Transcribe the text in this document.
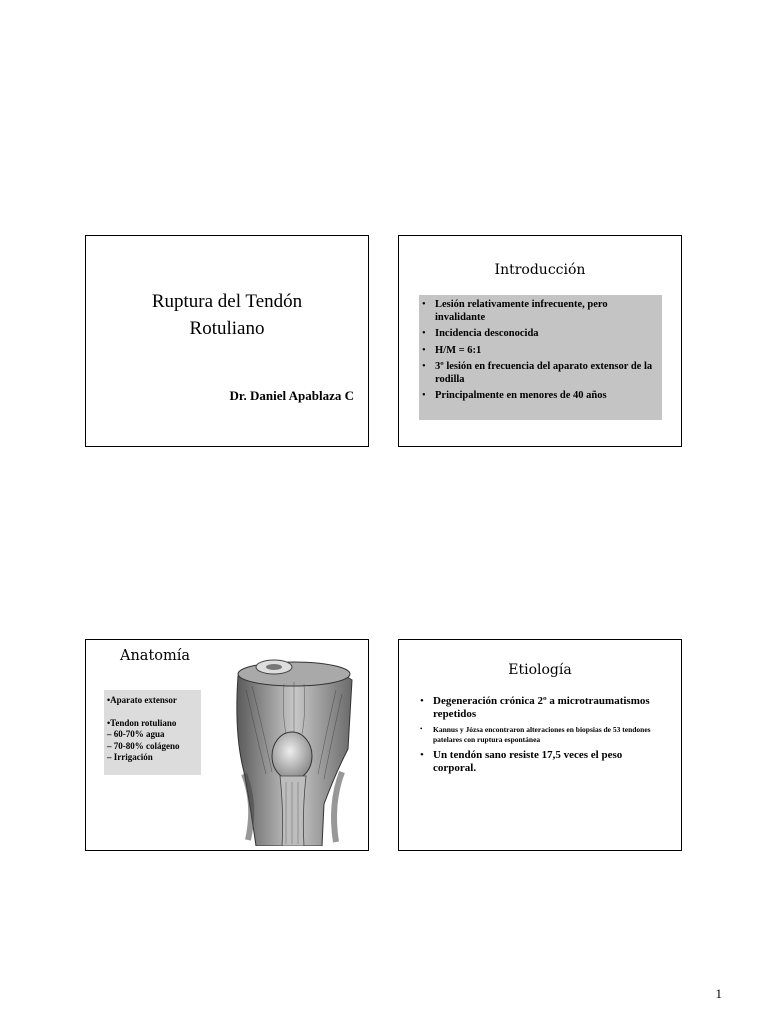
Ruptura del Tendón
Rotuliano
Dr. Daniel Apablaza C
Introducción
• Lesión relativamente infrecuente, pero invalidante
• Incidencia desconocida
• H/M = 6:1
• 3º lesión en frecuencia del aparato extensor de la rodilla
• Principalmente en menores de 40 años
Anatomía
•Aparato extensor
•Tendon rotuliano
– 60-70% agua
– 70-80% colágeno
– Irrigación
Etiología
• Degeneración crónica 2º a microtraumatismos repetidos
• Kannus y Józsa encontraron alteraciones en biopsias de 53 tendones patelares con ruptura espontánea
• Un tendón sano resiste 17,5 veces el peso corporal.
1
